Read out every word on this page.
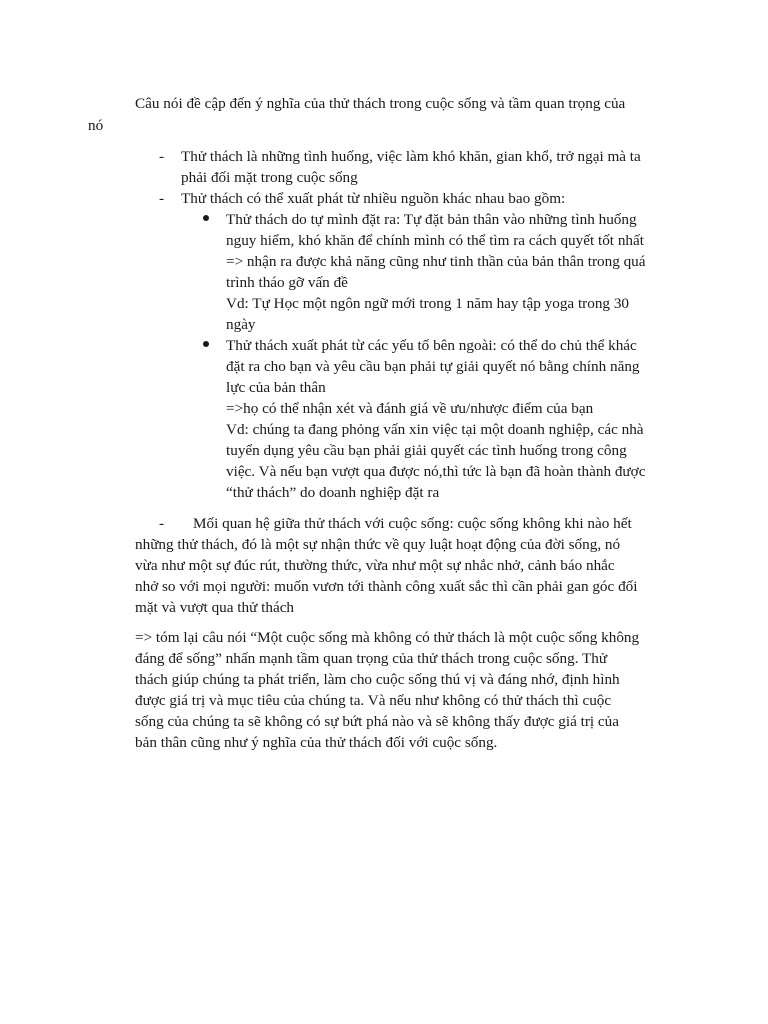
Câu nói đề cập đến ý nghĩa của thử thách trong cuộc sống và tầm quan trọng của
nó
- Thử thách là những tình huống, việc làm khó khăn, gian khổ, trở ngại mà ta
phải đối mặt trong cuộc sống
- Thử thách có thể xuất phát từ nhiều nguồn khác nhau bao gồm:
Thử thách do tự mình đặt ra: Tự đặt bản thân vào những tình huống
nguy hiểm, khó khăn để chính mình có thể tìm ra cách quyết tốt nhất
=> nhận ra được khả năng cũng như tinh thần của bản thân trong quá
trình tháo gỡ vấn đề
Vd: Tự Học một ngôn ngữ mới trong 1 năm hay tập yoga trong 30
ngày
Thử thách xuất phát từ các yếu tố bên ngoài: có thể do chủ thể khác
đặt ra cho bạn và yêu cầu bạn phải tự giải quyết nó bằng chính năng
lực của bản thân
=>họ có thể nhận xét và đánh giá về ưu/nhược điểm của bạn
Vd: chúng ta đang phỏng vấn xin việc tại một doanh nghiệp, các nhà
tuyển dụng yêu cầu bạn phải giải quyết các tình huống trong công
việc. Và nếu bạn vượt qua được nó,thì tức là bạn đã hoàn thành được
“thử thách” do doanh nghiệp đặt ra
- Mối quan hệ giữa thử thách với cuộc sống: cuộc sống không khi nào hết
những thử thách, đó là một sự nhận thức về quy luật hoạt động của đời sống, nó
vừa như một sự đúc rút, thường thức, vừa như một sự nhắc nhở, cảnh báo nhắc
nhở so với mọi người: muốn vươn tới thành công xuất sắc thì cần phải gan góc đối
mặt và vượt qua thử thách
=> tóm lại câu nói “Một cuộc sống mà không có thử thách là một cuộc sống không
đáng để sống” nhấn mạnh tầm quan trọng của thử thách trong cuộc sống. Thử
thách giúp chúng ta phát triển, làm cho cuộc sống thú vị và đáng nhớ, định hình
được giá trị và mục tiêu của chúng ta. Và nếu như không có thử thách thì cuộc
sống của chúng ta sẽ không có sự bứt phá nào và sẽ không thấy được giá trị của
bản thân cũng như ý nghĩa của thử thách đối với cuộc sống.
